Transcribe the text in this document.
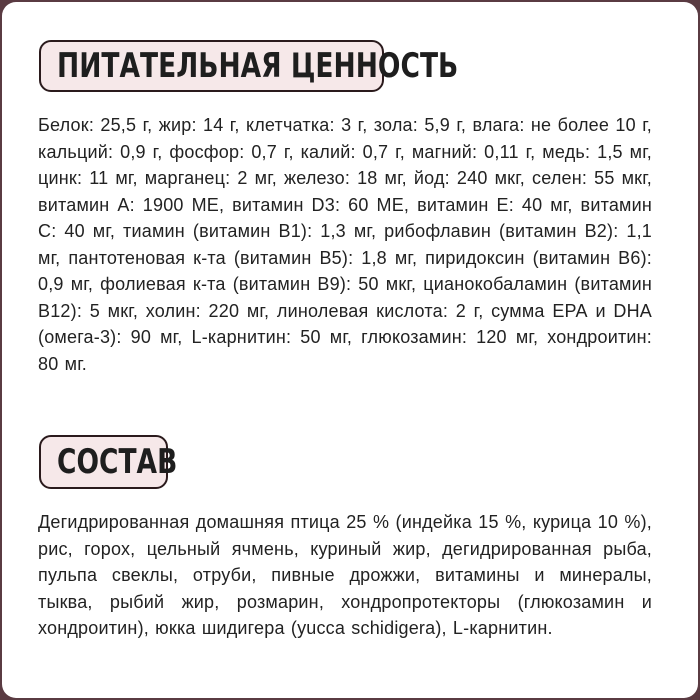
ПИТАТЕЛЬНАЯ ЦЕННОСТЬ
Белок: 25,5 г, жир: 14 г, клетчатка: 3 г, зола: 5,9 г, влага: не более 10 г, кальций: 0,9 г, фосфор: 0,7 г, калий: 0,7 г, магний: 0,11 г, медь: 1,5 мг, цинк: 11 мг, марганец: 2 мг, железо: 18 мг, йод: 240 мкг, селен: 55 мкг, витамин А: 1900 МЕ, витамин D3: 60 МЕ, витамин Е: 40 мг, витамин С: 40 мг, тиамин (витамин В1): 1,3 мг, рибофлавин (витамин В2): 1,1 мг, пантотеновая к-та (витамин В5): 1,8 мг, пиридоксин (витамин В6): 0,9 мг, фолиевая к-та (витамин В9): 50 мкг, цианокобаламин (витамин В12): 5 мкг, холин: 220 мг, линолевая кислота: 2 г, сумма ЕРА и DHA (омега-3): 90 мг, L-карнитин: 50 мг, глюкозамин: 120 мг, хондроитин: 80 мг.
СОСТАВ
Дегидрированная домашняя птица 25 % (индейка 15 %, курица 10 %), рис, горох, цельный ячмень, куриный жир, дегидрированная рыба, пульпа свеклы, отруби, пивные дрожжи, витамины и минералы, тыква, рыбий жир, розмарин, хондропротекторы (глюкозамин и хондроитин), юкка шидигера (yucca schidigera), L-карнитин.
